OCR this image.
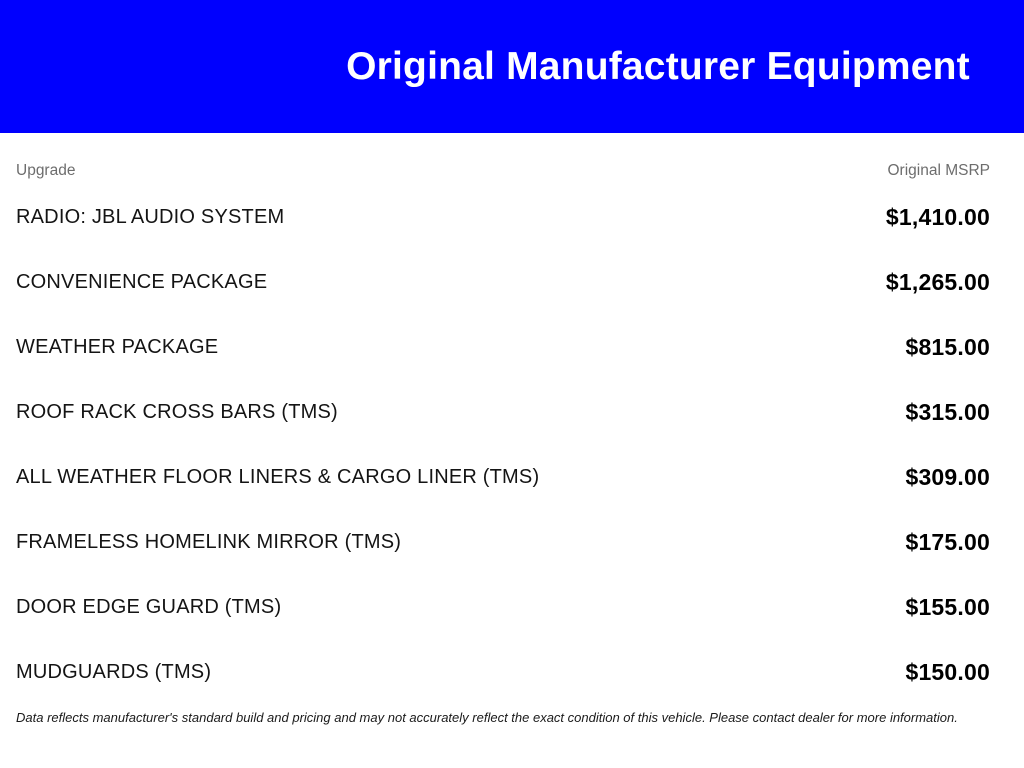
Original Manufacturer Equipment
Upgrade	Original MSRP
RADIO: JBL AUDIO SYSTEM	$1,410.00
CONVENIENCE PACKAGE	$1,265.00
WEATHER PACKAGE	$815.00
ROOF RACK CROSS BARS (TMS)	$315.00
ALL WEATHER FLOOR LINERS & CARGO LINER (TMS)	$309.00
FRAMELESS HOMELINK MIRROR (TMS)	$175.00
DOOR EDGE GUARD (TMS)	$155.00
MUDGUARDS (TMS)	$150.00
Data reflects manufacturer's standard build and pricing and may not accurately reflect the exact condition of this vehicle. Please contact dealer for more information.
